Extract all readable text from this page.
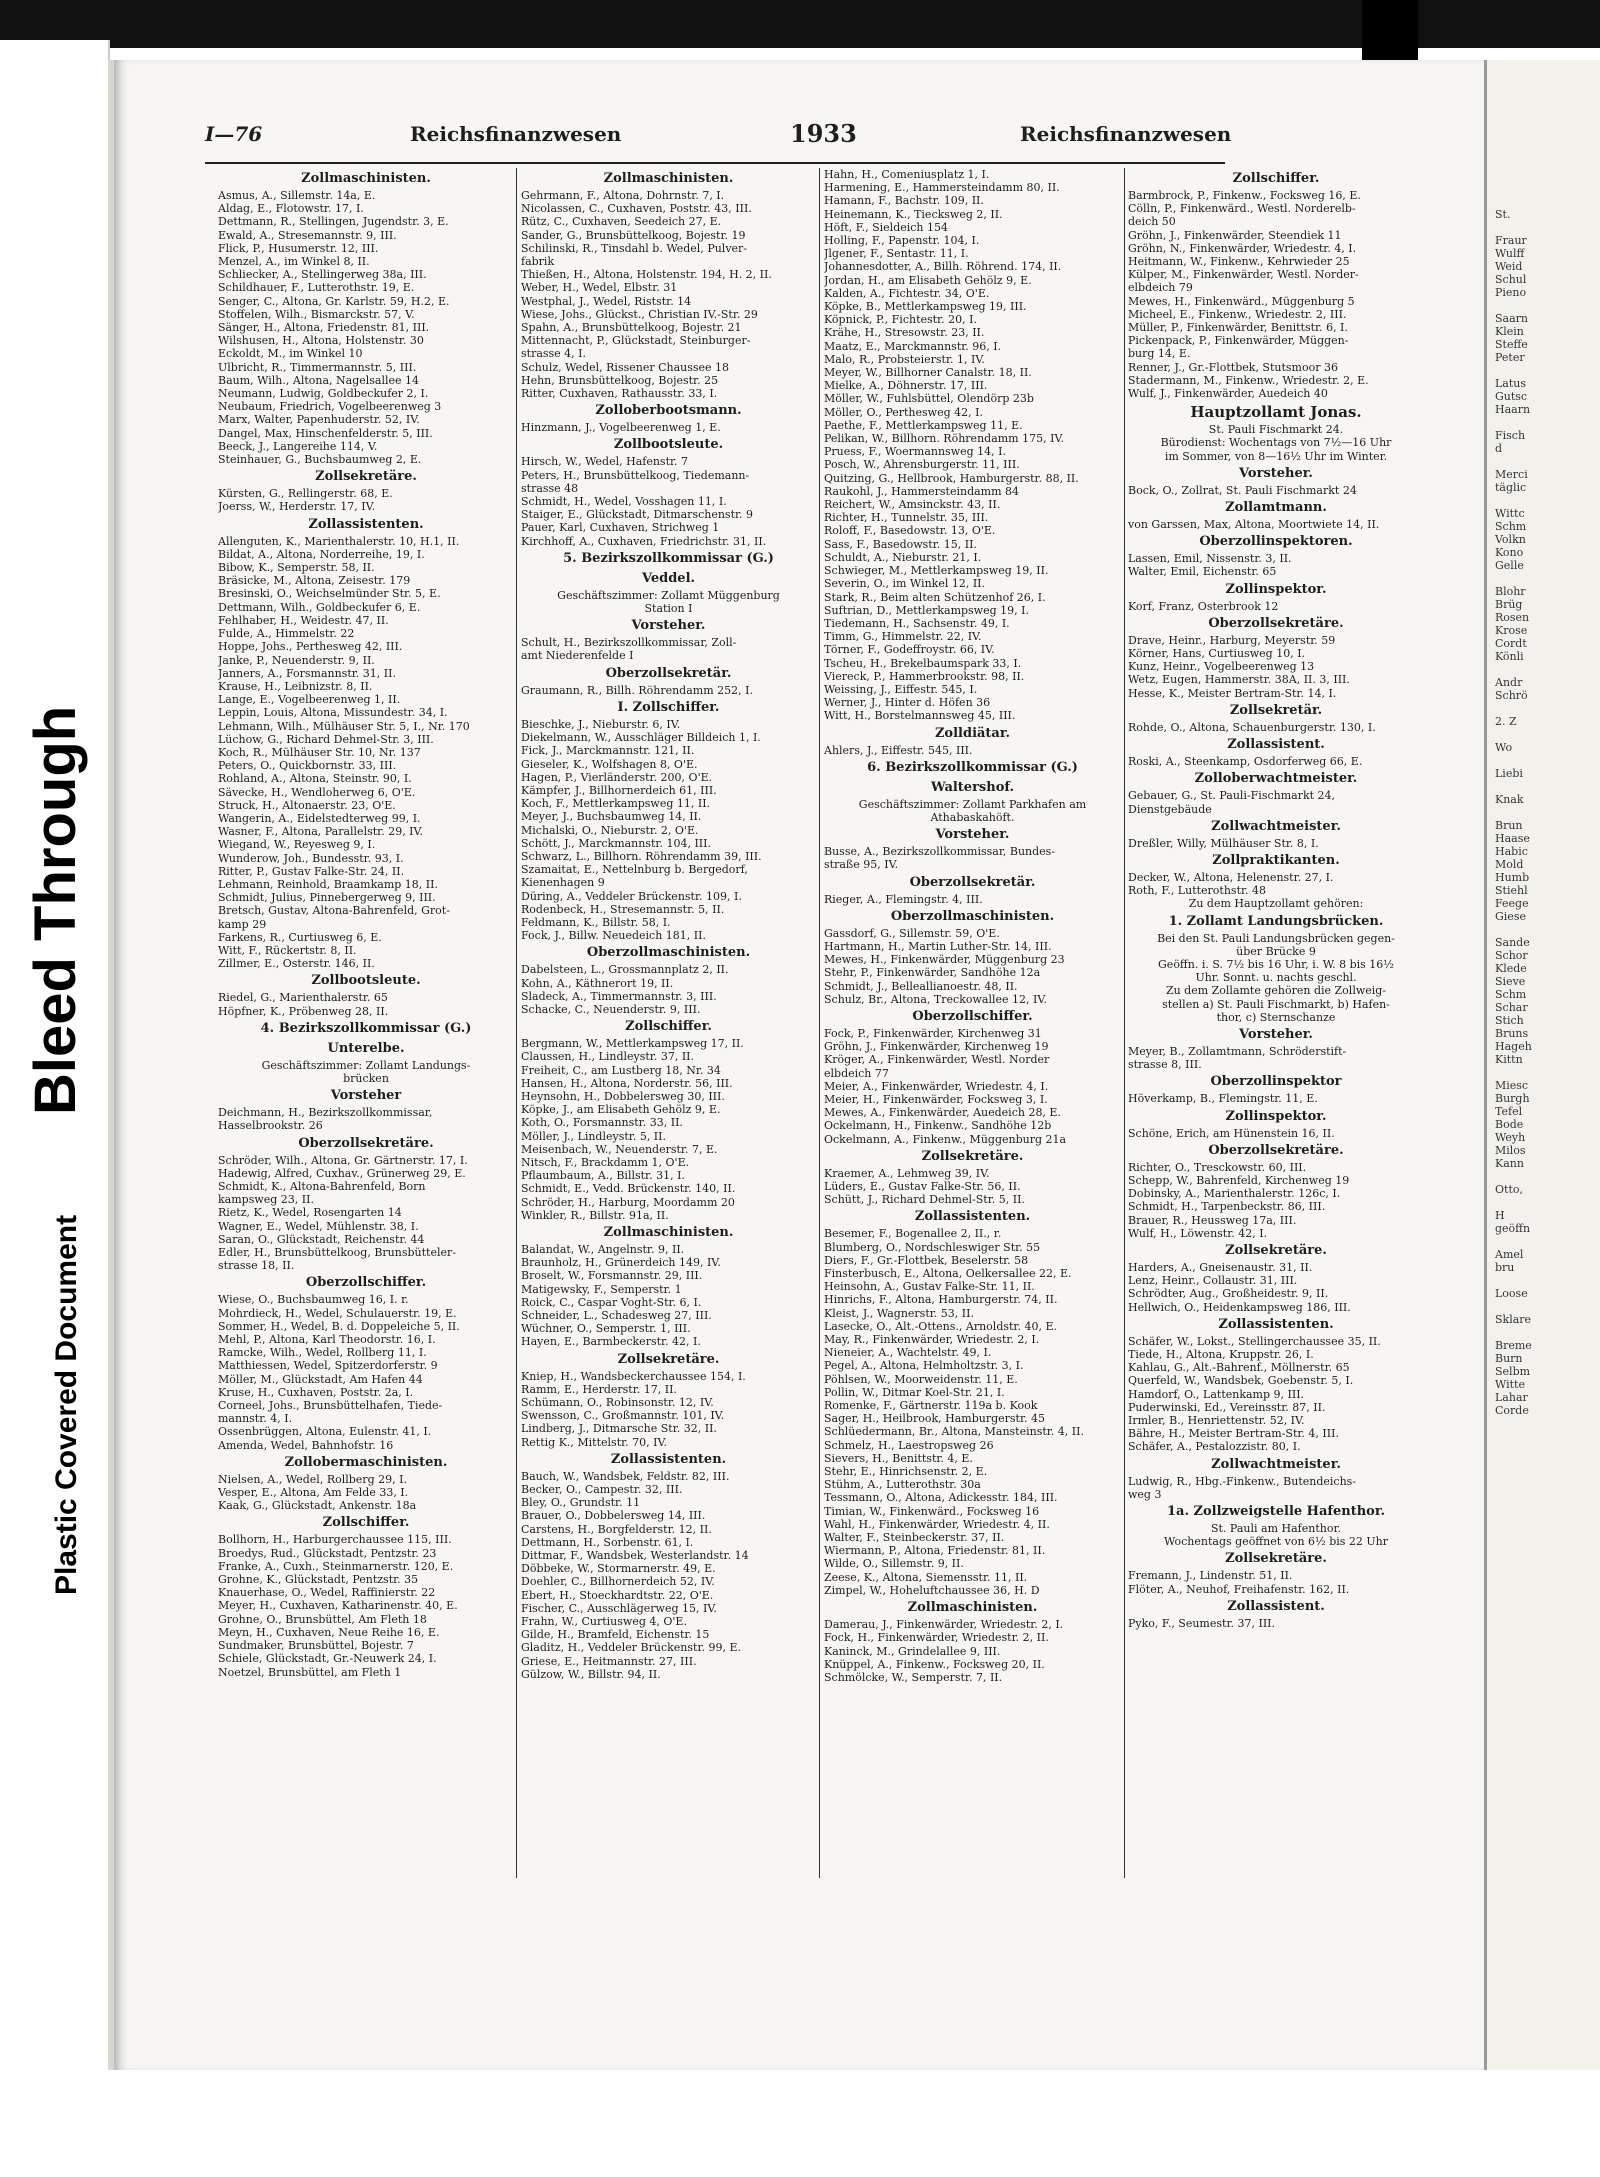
Bleed Through
Plastic Covered Document
St.

Fraur
Wulff
Weid
Schul
Pieno

Saarn
Klein
Steffe
Peter

Latus
Gutsc
Haarn

Fisch
d

Merci
täglic

Wittc
Schm
Volkn
Kono
Gelle

Blohr
Brüg
Rosen
Krose
Cordt
Könli

Andr
Schrö

2. Z

Wo

Liebi

Knak

Brun
Haase
Habic
Mold
Humb
Stiehl
Feege
Giese

Sande
Schor
Klede
Sieve
Schm
Schar
Stich
Bruns
Hageh
Kittn

Miesc
Burgh
Tefel
Bode
Weyh
Milos
Kann

Otto,

H
geöffn

Amel
bru

Loose

Sklare

Breme
Burn
Selbm
Witte
Lahar
Corde
I—76	Reichsfinanzwesen	1933	Reichsfinanzwesen
Zollmaschinisten.
Asmus, A., Sillemstr. 14a, E.
Aldag, E., Flotowstr. 17, I.
Dettmann, R., Stellingen, Jugendstr. 3, E.
Ewald, A., Stresemannstr. 9, III.
Flick, P., Husumerstr. 12, III.
Menzel, A., im Winkel 8, II.
Schliecker, A., Stellingerweg 38a, III.
Schildhauer, F., Lutterothstr. 19, E.
Senger, C., Altona, Gr. Karlstr. 59, H.2, E.
Stoffelen, Wilh., Bismarckstr. 57, V.
Sänger, H., Altona, Friedenstr. 81, III.
Wilshusen, H., Altona, Holstenstr. 30
Eckoldt, M., im Winkel 10
Ulbricht, R., Timmermannstr. 5, III.
Baum, Wilh., Altona, Nagelsallee 14
Neumann, Ludwig, Goldbeckufer 2, I.
Neubaum, Friedrich, Vogelbeerenweg 3
Marx, Walter, Papenhuderstr. 52, IV.
Dangel, Max, Hinschenfelderstr. 5, III.
Beeck, J., Langereihe 114, V.
Steinhauer, G., Buchsbaumweg 2, E.
Zollsekretäre.
Kürsten, G., Rellingerstr. 68, E.
Joerss, W., Herderstr. 17, IV.
Zollassistenten.
Allenguten, K., Marienthalerstr. 10, H.1, II.
Bildat, A., Altona, Norderreihe, 19, I.
Bibow, K., Semperstr. 58, II.
Bräsicke, M., Altona, Zeisestr. 179
Bresinski, O., Weichselmünder Str. 5, E.
Dettmann, Wilh., Goldbeckufer 6, E.
Fehlhaber, H., Weidestr. 47, II.
Fulde, A., Himmelstr. 22
Hoppe, Johs., Perthesweg 42, III.
Janke, P., Neuenderstr. 9, II.
Janners, A., Forsmannstr. 31, II.
Krause, H., Leibnizstr. 8, II.
Lange, E., Vogelbeerenweg 1, II.
Leppin, Louis, Altona, Missundestr. 34, I.
Lehmann, Wilh., Mülhäuser Str. 5, I., Nr. 170
Lüchow, G., Richard Dehmel-Str. 3, III.
Koch, R., Mülhäuser Str. 10, Nr. 137
Peters, O., Quickbornstr. 33, III.
Rohland, A., Altona, Steinstr. 90, I.
Sävecke, H., Wendloherweg 6, O'E.
Struck, H., Altonaerstr. 23, O'E.
Wangerin, A., Eidelstedterweg 99, I.
Wasner, F., Altona, Parallelstr. 29, IV.
Wiegand, W., Reyesweg 9, I.
Wunderow, Joh., Bundesstr. 93, I.
Ritter, P., Gustav Falke-Str. 24, II.
Lehmann, Reinhold, Braamkamp 18, II.
Schmidt, Julius, Pinnebergerweg 9, III.
Bretsch, Gustav, Altona-Bahrenfeld, Grot-
kamp 29
Farkens, R., Curtiusweg 6, E.
Witt, F., Rückertstr. 8, II.
Zillmer, E., Osterstr. 146, II.
Zollbootsleute.
Riedel, G., Marienthalerstr. 65
Höpfner, K., Pröbenweg 28, II.
4. Bezirkszollkommissar (G.)
Unterelbe.
Geschäftszimmer: Zollamt Landungs-
brücken
Vorsteher
Deichmann, H., Bezirkszollkommissar,
Hasselbrookstr. 26
Oberzollsekretäre.
Schröder, Wilh., Altona, Gr. Gärtnerstr. 17, I.
Hadewig, Alfred, Cuxhav., Grünerweg 29, E.
Schmidt, K., Altona-Bahrenfeld, Born
kampsweg 23, II.
Rietz, K., Wedel, Rosengarten 14
Wagner, E., Wedel, Mühlenstr. 38, I.
Saran, O., Glückstadt, Reichenstr. 44
Edler, H., Brunsbüttelkoog, Brunsbütteler-
strasse 18, II.
Oberzollschiffer.
Wiese, O., Buchsbaumweg 16, I. r.
Mohrdieck, H., Wedel, Schulauerstr. 19, E.
Sommer, H., Wedel, B. d. Doppeleiche 5, II.
Mehl, P., Altona, Karl Theodorstr. 16, I.
Ramcke, Wilh., Wedel, Rollberg 11, I.
Matthiessen, Wedel, Spitzerdorferstr. 9
Möller, M., Glückstadt, Am Hafen 44
Kruse, H., Cuxhaven, Poststr. 2a, I.
Corneel, Johs., Brunsbüttelhafen, Tiede-
mannstr. 4, I.
Ossenbrüggen, Altona, Eulenstr. 41, I.
Amenda, Wedel, Bahnhofstr. 16
Zollobermaschinisten.
Nielsen, A., Wedel, Rollberg 29, I.
Vesper, E., Altona, Am Felde 33, I.
Kaak, G., Glückstadt, Ankenstr. 18a
Zollschiffer.
Bollhorn, H., Harburgerchaussee 115, III.
Broedys, Rud., Glückstadt, Pentzstr. 23
Franke, A., Cuxh., Steinmarnerstr. 120, E.
Grohne, K., Glückstadt, Pentzstr. 35
Knauerhase, O., Wedel, Raffinierstr. 22
Meyer, H., Cuxhaven, Katharinenstr. 40, E.
Grohne, O., Brunsbüttel, Am Fleth 18
Meyn, H., Cuxhaven, Neue Reihe 16, E.
Sundmaker, Brunsbüttel, Bojestr. 7
Schiele, Glückstadt, Gr.-Neuwerk 24, I.
Noetzel, Brunsbüttel, am Fleth 1
Zollmaschinisten.
Gehrmann, F., Altona, Dohrnstr. 7, I.
Nicolassen, C., Cuxhaven, Poststr. 43, III.
Rütz, C., Cuxhaven, Seedeich 27, E.
Sander, G., Brunsbüttelkoog, Bojestr. 19
Schilinski, R., Tinsdahl b. Wedel, Pulver-
fabrik
Thießen, H., Altona, Holstenstr. 194, H. 2, II.
Weber, H., Wedel, Elbstr. 31
Westphal, J., Wedel, Riststr. 14
Wiese, Johs., Glückst., Christian IV.-Str. 29
Spahn, A., Brunsbüttelkoog, Bojestr. 21
Mittennacht, P., Glückstadt, Steinburger-
strasse 4, I.
Schulz, Wedel, Rissener Chaussee 18
Hehn, Brunsbüttelkoog, Bojestr. 25
Ritter, Cuxhaven, Rathausstr. 33, I.
Zolloberbootsmann.
Hinzmann, J., Vogelbeerenweg 1, E.
Zollbootsleute.
Hirsch, W., Wedel, Hafenstr. 7
Peters, H., Brunsbüttelkoog, Tiedemann-
strasse 48
Schmidt, H., Wedel, Vosshagen 11, I.
Staiger, E., Glückstadt, Ditmarschenstr. 9
Pauer, Karl, Cuxhaven, Strichweg 1
Kirchhoff, A., Cuxhaven, Friedrichstr. 31, II.
5. Bezirkszollkommissar (G.)
Veddel.
Geschäftszimmer: Zollamt Müggenburg
Station I
Vorsteher.
Schult, H., Bezirkszollkommissar, Zoll-
amt Niederenfelde I
Oberzollsekretär.
Graumann, R., Billh. Röhrendamm 252, I.
I. Zollschiffer.
Bieschke, J., Nieburstr. 6, IV.
Diekelmann, W., Ausschläger Billdeich 1, I.
Fick, J., Marckmannstr. 121, II.
Gieseler, K., Wolfshagen 8, O'E.
Hagen, P., Vierländerstr. 200, O'E.
Kämpfer, J., Billhornerdeich 61, III.
Koch, F., Mettlerkampsweg 11, II.
Meyer, J., Buchsbaumweg 14, II.
Michalski, O., Nieburstr. 2, O'E.
Schött, J., Marckmannstr. 104, III.
Schwarz, L., Billhorn. Röhrendamm 39, III.
Szamaitat, E., Nettelnburg b. Bergedorf,
Kienenhagen 9
Düring, A., Veddeler Brückenstr. 109, I.
Rodenbeck, H., Stresemannstr. 5, II.
Feldmann, K., Billstr. 58, I.
Fock, J., Billw. Neuedeich 181, II.
Oberzollmaschinisten.
Dabelsteen, L., Grossmannplatz 2, II.
Kohn, A., Käthnerort 19, II.
Sladeck, A., Timmermannstr. 3, III.
Schacke, C., Neuenderstr. 9, III.
Zollschiffer.
Bergmann, W., Mettlerkampsweg 17, II.
Claussen, H., Lindleystr. 37, II.
Freiheit, C., am Lustberg 18, Nr. 34
Hansen, H., Altona, Norderstr. 56, III.
Heynsohn, H., Dobbelersweg 30, III.
Köpke, J., am Elisabeth Gehölz 9, E.
Koth, O., Forsmannstr. 33, II.
Möller, J., Lindleystr. 5, II.
Meisenbach, W., Neuenderstr. 7, E.
Nitsch, F., Brackdamm 1, O'E.
Pflaumbaum, A., Billstr. 31, I.
Schmidt, E., Vedd. Brückenstr. 140, II.
Schröder, H., Harburg, Moordamm 20
Winkler, R., Billstr. 91a, II.
Zollmaschinisten.
Balandat, W., Angelnstr. 9, II.
Braunholz, H., Grünerdeich 149, IV.
Broselt, W., Forsmannstr. 29, III.
Matigewsky, F., Semperstr. 1
Roick, C., Caspar Voght-Str. 6, I.
Schneider, L., Schadesweg 27, III.
Wüchner, O., Semperstr. 1, III.
Hayen, E., Barmbeckerstr. 42, I.
Zollsekretäre.
Kniep, H., Wandsbeckerchaussee 154, I.
Ramm, E., Herderstr. 17, II.
Schümann, O., Robinsonstr. 12, IV.
Swensson, C., Großmannstr. 101, IV.
Lindberg, J., Ditmarsche Str. 32, II.
Rettig K., Mittelstr. 70, IV.
Zollassistenten.
Bauch, W., Wandsbek, Feldstr. 82, III.
Becker, O., Campestr. 32, III.
Bley, O., Grundstr. 11
Brauer, O., Dobbelersweg 14, III.
Carstens, H., Borgfelderstr. 12, II.
Dettmann, H., Sorbenstr. 61, I.
Dittmar, F., Wandsbek, Westerlandstr. 14
Döbbeke, W., Stormarnerstr. 49, E.
Doehler, C., Billhornerdeich 52, IV.
Ebert, H., Stoeckhardtstr. 22, O'E.
Fischer, C., Ausschlägerweg 15, IV.
Frahn, W., Curtiusweg 4, O'E.
Gilde, H., Bramfeld, Eichenstr. 15
Gladitz, H., Veddeler Brückenstr. 99, E.
Griese, E., Heitmannstr. 27, III.
Gülzow, W., Billstr. 94, II.
Hahn, H., Comeniusplatz 1, I.
Harmening, E., Hammersteindamm 80, II.
Hamann, F., Bachstr. 109, II.
Heinemann, K., Tiecksweg 2, II.
Höft, F., Sieldeich 154
Holling, F., Papenstr. 104, I.
Jlgener, F., Sentastr. 11, I.
Johannesdotter, A., Billh. Röhrend. 174, II.
Jordan, H., am Elisabeth Gehölz 9, E.
Kalden, A., Fichtestr. 34, O'E.
Köpke, B., Mettlerkampsweg 19, III.
Köpnick, P., Fichtestr. 20, I.
Krähe, H., Stresowstr. 23, II.
Maatz, E., Marckmannstr. 96, I.
Malo, R., Probsteierstr. 1, IV.
Meyer, W., Billhorner Canalstr. 18, II.
Mielke, A., Döhnerstr. 17, III.
Möller, W., Fuhlsbüttel, Olendörp 23b
Möller, O., Perthesweg 42, I.
Paethe, F., Mettlerkampsweg 11, E.
Pelikan, W., Billhorn. Röhrendamm 175, IV.
Pruess, F., Woermannsweg 14, I.
Posch, W., Ahrensburgerstr. 11, III.
Quitzing, G., Hellbrook, Hamburgerstr. 88, II.
Raukohl, J., Hammersteindamm 84
Reichert, W., Amsinckstr. 43, II.
Richter, H., Tunnelstr. 35, III.
Roloff, F., Basedowstr. 13, O'E.
Sass, F., Basedowstr. 15, II.
Schuldt, A., Nieburstr. 21, I.
Schwieger, M., Mettlerkampsweg 19, II.
Severin, O., im Winkel 12, II.
Stark, R., Beim alten Schützenhof 26, I.
Suftrian, D., Mettlerkampsweg 19, I.
Tiedemann, H., Sachsenstr. 49, I.
Timm, G., Himmelstr. 22, IV.
Törner, F., Godeffroystr. 66, IV.
Tscheu, H., Brekelbaumspark 33, I.
Viereck, P., Hammerbrookstr. 98, II.
Weissing, J., Eiffestr. 545, I.
Werner, J., Hinter d. Höfen 36
Witt, H., Borstelmannsweg 45, III.
Zolldiätar.
Ahlers, J., Eiffestr. 545, III.
6. Bezirkszollkommissar (G.)
Waltershof.
Geschäftszimmer: Zollamt Parkhafen am
Athabaskahöft.
Vorsteher.
Busse, A., Bezirkszollkommissar, Bundes-
straße 95, IV.
Oberzollsekretär.
Rieger, A., Flemingstr. 4, III.
Oberzollmaschinisten.
Gassdorf, G., Sillemstr. 59, O'E.
Hartmann, H., Martin Luther-Str. 14, III.
Mewes, H., Finkenwärder, Müggenburg 23
Stehr, P., Finkenwärder, Sandhöhe 12a
Schmidt, J., Belleallianoestr. 48, II.
Schulz, Br., Altona, Treckowallee 12, IV.
Oberzollschiffer.
Fock, P., Finkenwärder, Kirchenweg 31
Gröhn, J., Finkenwärder, Kirchenweg 19
Kröger, A., Finkenwärder, Westl. Norder
elbdeich 77
Meier, A., Finkenwärder, Wriedestr. 4, I.
Meier, H., Finkenwärder, Focksweg 3, I.
Mewes, A., Finkenwärder, Auedeich 28, E.
Ockelmann, H., Finkenw., Sandhöhe 12b
Ockelmann, A., Finkenw., Müggenburg 21a
Zollsekretäre.
Kraemer, A., Lehmweg 39, IV.
Lüders, E., Gustav Falke-Str. 56, II.
Schütt, J., Richard Dehmel-Str. 5, II.
Zollassistenten.
Besemer, F., Bogenallee 2, II., r.
Blumberg, O., Nordschleswiger Str. 55
Diers, F., Gr.-Flottbek, Beselerstr. 58
Finsterbusch, E., Altona, Oelkersallee 22, E.
Heinsohn, A., Gustav Falke-Str. 11, II.
Hinrichs, F., Altona, Hamburgerstr. 74, II.
Kleist, J., Wagnerstr. 53, II.
Lasecke, O., Alt.-Ottens., Arnoldstr. 40, E.
May, R., Finkenwärder, Wriedestr. 2, I.
Nieneier, A., Wachtelstr. 49, I.
Pegel, A., Altona, Helmholtzstr. 3, I.
Pöhlsen, W., Moorweidenstr. 11, E.
Pollin, W., Ditmar Koel-Str. 21, I.
Romenke, F., Gärtnerstr. 119a b. Kook
Sager, H., Heilbrook, Hamburgerstr. 45
Schlüedermann, Br., Altona, Mansteinstr. 4, II.
Schmelz, H., Laestropsweg 26
Sievers, H., Benittstr. 4, E.
Stehr, E., Hinrichsenstr. 2, E.
Stühm, A., Lutterothstr. 30a
Tessmann, O., Altona, Adickesstr. 184, III.
Timian, W., Finkenwärd., Focksweg 16
Wahl, H., Finkenwärder, Wriedestr. 4, II.
Walter, F., Steinbeckerstr. 37, II.
Wiermann, P., Altona, Friedenstr. 81, II.
Wilde, O., Sillemstr. 9, II.
Zeese, K., Altona, Siemensstr. 11, II.
Zimpel, W., Hoheluftchaussee 36, H. D
Zollmaschinisten.
Damerau, J., Finkenwärder, Wriedestr. 2, I.
Fock, H., Finkenwärder, Wriedestr. 2, II.
Kaninck, M., Grindelallee 9, III.
Knüppel, A., Finkenw., Focksweg 20, II.
Schmölcke, W., Semperstr. 7, II.
Zollschiffer.
Barmbrock, P., Finkenw., Focksweg 16, E.
Cölln, P., Finkenwärd., Westl. Norderelb-
deich 50
Gröhn, J., Finkenwärder, Steendiek 11
Gröhn, N., Finkenwärder, Wriedestr. 4, I.
Heitmann, W., Finkenw., Kehrwieder 25
Külper, M., Finkenwärder, Westl. Norder-
elbdeich 79
Mewes, H., Finkenwärd., Müggenburg 5
Micheel, E., Finkenw., Wriedestr. 2, III.
Müller, P., Finkenwärder, Benittstr. 6, I.
Pickenpack, P., Finkenwärder, Müggen-
burg 14, E.
Renner, J., Gr.-Flottbek, Stutsmoor 36
Stadermann, M., Finkenw., Wriedestr. 2, E.
Wulf, J., Finkenwärder, Auedeich 40
Hauptzollamt Jonas.
St. Pauli Fischmarkt 24.
Bürodienst: Wochentags von 7½—16 Uhr
im Sommer, von 8—16½ Uhr im Winter.
Vorsteher.
Bock, O., Zollrat, St. Pauli Fischmarkt 24
Zollamtmann.
von Garssen, Max, Altona, Moortwiete 14, II.
Oberzollinspektoren.
Lassen, Emil, Nissenstr. 3, II.
Walter, Emil, Eichenstr. 65
Zollinspektor.
Korf, Franz, Osterbrook 12
Oberzollsekretäre.
Drave, Heinr., Harburg, Meyerstr. 59
Körner, Hans, Curtiusweg 10, I.
Kunz, Heinr., Vogelbeerenweg 13
Wetz, Eugen, Hammerstr. 38A, II. 3, III.
Hesse, K., Meister Bertram-Str. 14, I.
Zollsekretär.
Rohde, O., Altona, Schauenburgerstr. 130, I.
Zollassistent.
Roski, A., Steenkamp, Osdorferweg 66, E.
Zolloberwachtmeister.
Gebauer, G., St. Pauli-Fischmarkt 24,
Dienstgebäude
Zollwachtmeister.
Dreßler, Willy, Mülhäuser Str. 8, I.
Zollpraktikanten.
Decker, W., Altona, Helenenstr. 27, I.
Roth, F., Lutterothstr. 48
Zu dem Hauptzollamt gehören:
1. Zollamt Landungsbrücken.
Bei den St. Pauli Landungsbrücken gegen-
über Brücke 9
Geöffn. i. S. 7½ bis 16 Uhr, i. W. 8 bis 16½
Uhr. Sonnt. u. nachts geschl.
Zu dem Zollamte gehören die Zollweig-
stellen a) St. Pauli Fischmarkt, b) Hafen-
thor, c) Sternschanze
Vorsteher.
Meyer, B., Zollamtmann, Schröderstift-
strasse 8, III.
Oberzollinspektor
Höverkamp, B., Flemingstr. 11, E.
Zollinspektor.
Schöne, Erich, am Hünenstein 16, II.
Oberzollsekretäre.
Richter, O., Tresckowstr. 60, III.
Schepp, W., Bahrenfeld, Kirchenweg 19
Dobinsky, A., Marienthalerstr. 126c, I.
Schmidt, H., Tarpenbeckstr. 86, III.
Brauer, R., Heussweg 17a, III.
Wulf, H., Löwenstr. 42, I.
Zollsekretäre.
Harders, A., Gneisenaustr. 31, II.
Lenz, Heinr., Collaustr. 31, III.
Schrödter, Aug., Großheidestr. 9, II.
Hellwich, O., Heidenkampsweg 186, III.
Zollassistenten.
Schäfer, W., Lokst., Stellingerchaussee 35, II.
Tiede, H., Altona, Kruppstr. 26, I.
Kahlau, G., Alt.-Bahrenf., Möllnerstr. 65
Querfeld, W., Wandsbek, Goebenstr. 5, I.
Hamdorf, O., Lattenkamp 9, III.
Puderwinski, Ed., Vereinsstr. 87, II.
Irmler, B., Henriettenstr. 52, IV.
Bähre, H., Meister Bertram-Str. 4, III.
Schäfer, A., Pestalozzistr. 80, I.
Zollwachtmeister.
Ludwig, R., Hbg.-Finkenw., Butendeichs-
weg 3
1a. Zollzweigstelle Hafenthor.
St. Pauli am Hafenthor.
Wochentags geöffnet von 6½ bis 22 Uhr
Zollsekretäre.
Fremann, J., Lindenstr. 51, II.
Flöter, A., Neuhof, Freihafenstr. 162, II.
Zollassistent.
Pyko, F., Seumestr. 37, III.
